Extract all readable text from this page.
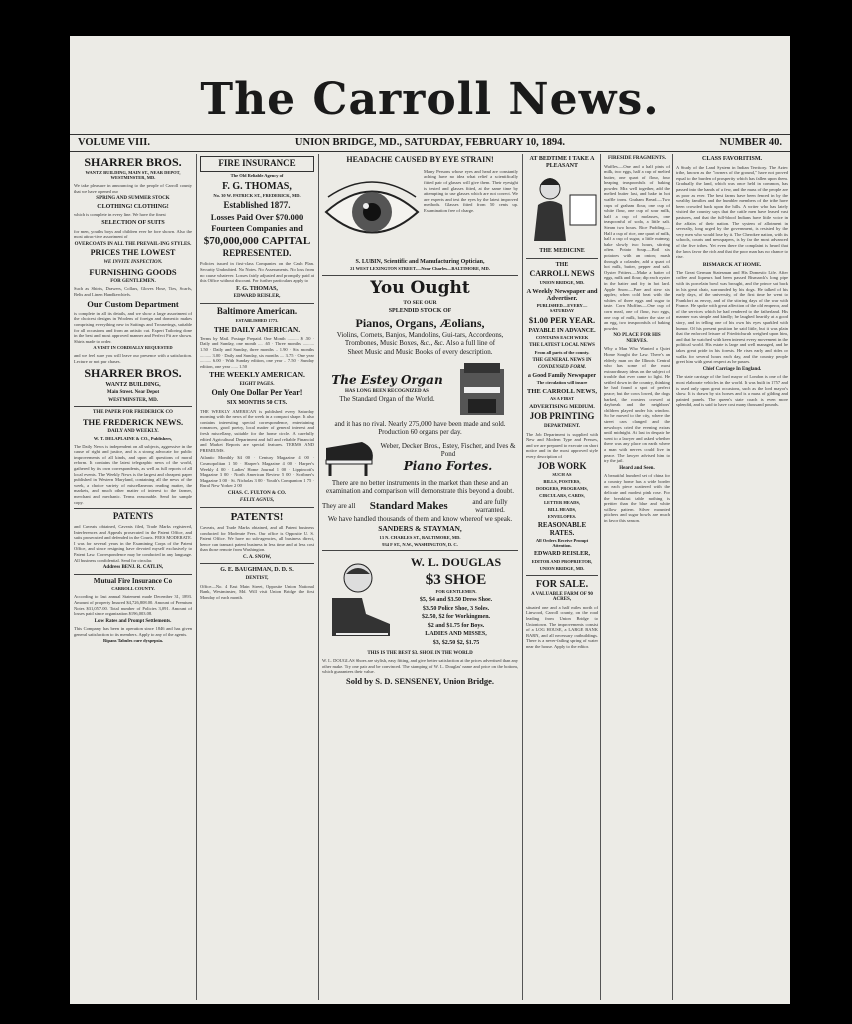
The Carroll News.
VOLUME VIII.	UNION BRIDGE, MD., SATURDAY, FEBRUARY 10, 1894.	NUMBER 40.
SHARRER BROS.
WANTZ BUILDING, MAIN ST., NEAR DEPOT, WESTMINSTER, MD.
We take pleasure in announcing to the people of Carroll county that we have opened our
SPRING AND SUMMER STOCK
CLOTHING! CLOTHING!
which is complete in every line. We have the finest
SELECTION OF SUITS
for men, youths boys and children ever be fore shown. Also the most attrac-tive assortment of
OVERCOATS IN ALL THE PREVAIL-ING STYLES.
PRICES THE LOWEST
WE INVITE INSPECTION.
FURNISHING GOODS
FOR GENTLEMEN.
Such as Shirts, Drawers, Collars, Gloves Hose, Ties, Scarfs, Belts and Linen Handkerchiefs.
Our Custom Department
is complete in all its details, and we show a large assortment of the choicest designs in Woolens of foreign and domestic makes comprising everything new in Suitings and Trouserings, suitable for all occasions and from an artistic cut. Expert Tailoring done in the best and most approved manner and Perfect Fit are shown. Shirts made to order.
A VISIT IN CORDIALLY REQUESTED
and we feel sure you will leave our presence with a satisfaction. Lecture or not pur chases.
SHARRER BROS.
WANTZ BUILDING,
Main Street. Near Depot
WESTMINSTER, MD.
THE PAPER FOR FREDERICK CO
THE FREDERICK NEWS.
DAILY AND WEEKLY.
W. T. DELAPLAINE & CO., Publishers,
The Daily News is independent on all subjects, aggressive in the cause of right and justice, and is a strong advocate for public improvements of all kinds, and upon all questions of moral reform. It contains the latest telegraphic news of the world, gathered by its own correspondents, as well as full reports of all local events. The Weekly News is the largest and cheapest paper published in Western Maryland, containing all the news of the week, a choice variety of miscellaneous reading matter, the markets, and much other matter of interest to the farmer, merchant and mechanic. Terms reasonable. Send for sample copy.
PATENTS
and Caveats obtained, Caveats filed, Trade Marks registered, Interferences and Appeals prosecuted in the Patent Office, and suits prosecuted and defended in the Courts. FEES MODERATE. I was for several years in the Examining Corps of the Patent Office, and since resigning have devoted myself exclusively to Patent Law. Correspondence may be conducted in any language. All business confidential. Send for circular.
Address BENJ. R. CATLIN,
Mutual Fire Insurance Co
CARROLL COUNTY.
According to last annual Statement made December 31, 1893. Amount of property Insured $4,726,808.00. Amount of Premium Notes $31,057.00. Total number of Policies 3,091. Amount of losses paid since organization $196,003.08.
Low Rates and Prompt Settlements.
This Company has been in operation since 1846 and has given general satisfaction to its members. Apply to any of the agents.
Ripans Tabules cure dyspepsia.
FIRE INSURANCE
The Old Reliable Agency of
F. G. THOMAS,
No. 30 W. PATRICK ST., FREDERICK, MD.
Established 1877.
Losses Paid Over $70.000
Fourteen Companies and
$70,000,000 CAPITAL
REPRESENTED.
Policies issued in first-class Companies on the Cash Plan. Security Undoubted. No Notes. No Assessments. No loss from no cause whatever. Losses fairly adjusted and promptly paid at this Office without discount. For further particulars apply to
F. G. THOMAS,
EDWARD REISLER,
Baltimore American.
ESTABLISHED 1773.
THE DAILY AMERICAN.
Terms by Mail. Postage Prepaid. One Month .......... $ .50 · Daily and Sunday, one month .... .65 · Three months .......... 1.50 · Daily and Sunday, three months .. 1.90 · Six months .......... 3.00 · Daily and Sunday, six months .... 3.75 · One year .......... 6.00 · With Sunday edition, one year .. 7.50 · Sunday edition, one year ...... 1.50
THE WEEKLY AMERICAN.
EIGHT PAGES.
Only One Dollar Per Year!
SIX MONTHS 50 CTS.
THE WEEKLY AMERICAN is published every Saturday morning with the news of the week in a compact shape. It also contains interesting special correspondence, entertaining romances, good poetry, local matter of general interest and fresh miscellany, suitable for the home circle. A carefully edited Agricultural Department and full and reliable Financial and Market Reports are special features. TERMS AND PREMIUMS.
Atlantic Monthly $4 00 · Century Magazine 4 00 · Cosmopolitan 1 50 · Harper's Magazine 4 00 · Harper's Weekly 4 00 · Ladies' Home Journal 1 00 · Lippincott's Magazine 3 00 · North American Review 5 00 · Scribner's Magazine 3 00 · St. Nicholas 3 00 · Youth's Companion 1 75 · Rural New Yorker 2 00
CHAS. C. FULTON & CO.
FELIX AGNUS,
PATENTS!
Caveats, and Trade Marks obtained, and all Patent business conducted for Moderate Fees. Our office is Opposite U. S. Patent Office. We have no sub-agencies, all business direct, hence can transact patent business in less time and at less cost than those remote from Washington.
C. A. SNOW,
G. E. BAUGHMAN, D. D. S.
DENTIST,
Office—No. 4 East Main Street, Opposite Union National Bank, Westminster, Md. Will visit Union Bridge the first Monday of each month.
HEADACHE CAUSED BY EYE STRAIN!
Many Persons whose eyes and head are constantly aching have no idea what relief a scientifically fitted pair of glasses will give them. Their eyesight is tested and glasses fitted, at the same time by attempting to use glasses which are not correct. We are experts and test the eyes by the latest improved methods. Glasses fitted from 50 cents up. Examination free of charge.
S. LUBIN, Scientific and Manufacturing Optician,
21 WEST LEXINGTON STREET.—Near Charles—BALTIMORE, MD.
You Ought
TO SEE OUR
SPLENDID STOCK OF
Pianos, Organs, Æolians,
Violins, Cornets, Banjos, Mandolins, Gui-tars, Accordeons, Trombones, Music Boxes, &c., &c. Also a full line of
Sheet Music and Music Books of every description.
The Estey Organ
HAS LONG BEEN RECOGNIZED AS
The Standard Organ of the World.
and it has no rival. Nearly 275,000 have been made and sold. Production 60 organs per day.
Weber, Decker Bros., Estey, Fischer, and Ives & Pond
Piano Fortes.
There are no better instruments in the market than these and an examination and comparison will demonstrate this beyond a doubt.
They are all Standard Makes	and are fully warranted.
We have handled thousands of them and know whereof we speak.
SANDERS & STAYMAN,
13 N. CHARLES ST., BALTIMORE, MD.
934 F ST., N.W., WASHINGTON, D. C.
W. L. DOUGLAS
$3 SHOE
FOR GENTLEMEN.
$5, $4 and $3.50 Dress Shoe.
$3.50 Police Shoe, 3 Soles.
$2.50, $2 for Workingmen.
$2 and $1.75 for Boys.
LADIES AND MISSES,
$3, $2.50 $2, $1.75
THIS IS THE BEST $3. SHOE IN THE WORLD
W. L. DOUGLAS Shoes are stylish, easy fitting, and give better satisfaction at the prices advertised than any other make. Try one pair and be convinced. The stamping of W. L. Douglas' name and price on the bottom, which guarantees their value.
Sold by S. D. SENSENEY, Union Bridge.
AT BEDTIME I TAKE A PLEASANT
THE MEDICINE
THE
CARROLL NEWS
UNION BRIDGE, MD.
A Weekly Newspaper and Advertiser.
PUBLISHED—EVERY—SATURDAY
$1.00 PER YEAR.
PAYABLE IN ADVANCE.
CONTAINS EACH WEEK
THE LATEST LOCAL NEWS
From all parts of the county.
THE GENERAL NEWS IN
CONDENSED FORM.
a Good Family Newspaper
The circulation will insure
THE CARROLL NEWS,
AS A FIRST
ADVERTISING MEDIUM.
JOB PRINTING
DEPARTMENT.
The Job Department is supplied with New and Modern Type and Presses, and we are prepared to execute on short notice and in the most approved style every description of
JOB WORK
SUCH AS
BILLS, POSTERS,
DODGERS, PROGRAMS,
CIRCULARS, CARDS,
LETTER HEADS,
BILL HEADS,
ENVELOPES.
REASONABLE RATES.
All Orders Receive Prompt Attention.
EDWARD REISLER,
EDITOR AND PROPRIETOR,
UNION BRIDGE, MD.
FOR SALE.
A VALUABLE FARM OF 90 ACRES,
situated one and a half miles north of Linwood, Carroll county, on the road leading from Union Bridge to Uniontown. The improvements consist of a LOG HOUSE, a LARGE BANK BARN, and all necessary outbuildings. There is a never-failing spring of water near the house. Apply to the editor.
FIRESIDE FRAGMENTS.
Waffles.—One and a half pints of milk, two eggs, half a cup of melted butter, one quart of flour, four heaping teaspoonfuls of baking powder. Mix well together, add the melted butter last, and bake in hot waffle irons. Graham Bread.—Two cups of graham flour, one cup of white flour, one cup of sour milk, half a cup of molasses, one teaspoonful of soda, a little salt. Steam two hours. Rice Pudding.—Half a cup of rice, one quart of milk, half a cup of sugar, a little nutmeg; bake slowly two hours, stirring often. Potato Soup.—Boil six potatoes with an onion; mash through a colander, add a quart of hot milk, butter, pepper and salt. Oyster Fritters.—Make a batter of eggs, milk and flour; dip each oyster in the batter and fry in hot lard. Apple Snow.—Pare and stew six apples; when cold beat with the whites of three eggs and sugar to taste. Corn Muffins.—One cup of corn meal, one of flour, two eggs, one cup of milk, butter the size of an egg, two teaspoonfuls of baking powder.
NO PLACE FOR HIS NERVES.
Why a Man Who Wanted a Quiet Home Sought the Law. There's an elderly man on the Illinois Central who has some of the most extraordinary ideas on the subject of trouble that ever came to light. He settled down in the country, thinking he had found a spot of perfect peace; but the cows lowed, the dogs barked, the roosters crowed at daybreak and the neighbors' children played under his window. So he moved to the city, where the street cars clanged and the newsboys cried the evening extras until midnight. At last in despair he went to a lawyer and asked whether there was any place on earth where a man with nerves could live in peace. The lawyer advised him to try the jail.
Heard and Seen.
A beautiful hundred set of china for a country home has a wide border on each piece scattered with the delicate and modest pink rose. For the breakfast table nothing is prettier than the blue and white willow pattern. Silver mounted pitchers and sugar bowls are much in favor this season.
CLASS FAVORITISM.
A Study of the Land System in Indian Territory. The Aztec tribe, known as the "owners of the ground," have not proved equal to the burden of prosperity which has fallen upon them. Gradually the land, which was once held in common, has passed into the hands of a few, and the mass of the people are as poor as ever. The best farms have been fenced in by the wealthy families and the humbler members of the tribe have been crowded back upon the hills. A writer who has lately visited the country says that the cattle men have leased vast pastures, and that the full-blood Indians have little voice in the affairs of their nation. The system of allotment in severalty, long urged by the government, is resisted by the very men who would lose by it. The Cherokee nation, with its schools, courts and newspapers, is by far the most advanced of the five tribes. Yet even there the complaint is heard that the laws favor the rich and that the poor man has no chance to rise.
BISMARCK AT HOME.
The Great German Statesman and His Domestic Life. After coffee and liqueurs had been passed Bismarck's long pipe with its porcelain bowl was brought, and the prince sat back in his great chair, surrounded by his dogs. He talked of his early days, of the university, of the first time he went to Frankfort as envoy, and of the stirring days of the war with France. He spoke with great affection of the old emperor, and of the services which he had rendered to the fatherland. His manner was simple and kindly; he laughed heartily at a good story, and in telling one of his own his eyes sparkled with humor. Of his present position he said little, but it was plain that the enforced leisure of Friedrichsruh weighed upon him, and that he watched with keen interest every movement in the political world. His estate is large and well managed, and he takes great pride in his forests. He rises early and rides or walks for several hours each day, and the country people greet him with great respect as he passes.
Chief Carriage In England.
The state carriage of the lord mayor of London is one of the most elaborate vehicles in the world. It was built in 1757 and is used only upon great occasions, such as the lord mayor's show. It is drawn by six horses and is a mass of gilding and painted panels. The queen's state coach is even more splendid, and is said to have cost many thousand pounds.
